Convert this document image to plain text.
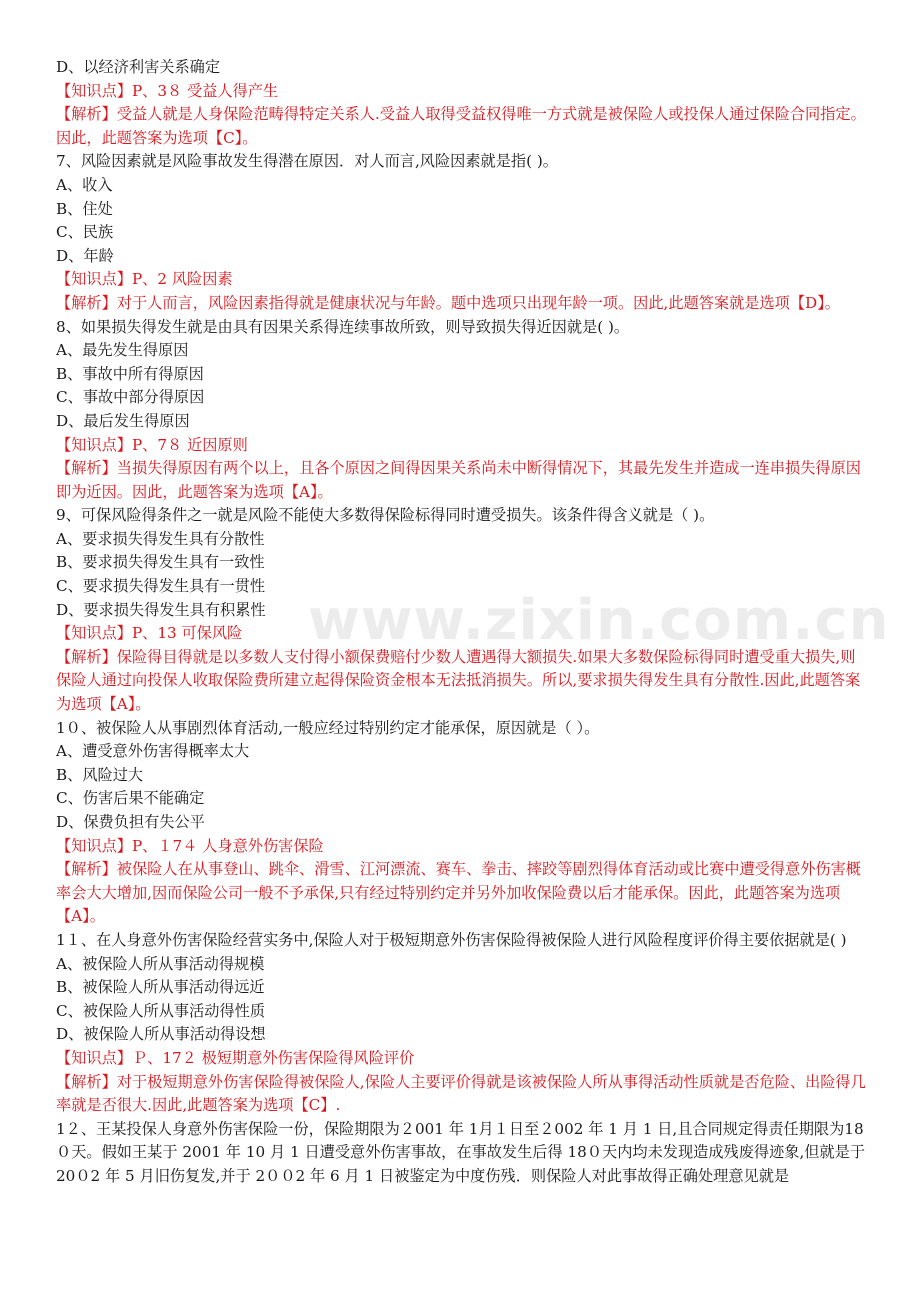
D、以经济利害关系确定
【知识点】P、3８ 受益人得产生
【解析】受益人就是人身保险范畴得特定关系人.受益人取得受益权得唯一方式就是被保险人或投保人通过保险合同指定。因此，此题答案为选项【C】。
7、风险因素就是风险事故发生得潜在原因．对人而言,风险因素就是指( )。
A、收入
B、住处
C、民族
D、年龄
【知识点】P、2 风险因素
【解析】对于人而言，风险因素指得就是健康状况与年龄。题中选项只出现年龄一项。因此,此题答案就是选项【D】。
8、如果损失得发生就是由具有因果关系得连续事故所致，则导致损失得近因就是( )。
A、最先发生得原因
B、事故中所有得原因
C、事故中部分得原因
D、最后发生得原因
【知识点】P、7８ 近因原则
【解析】当损失得原因有两个以上，且各个原因之间得因果关系尚未中断得情况下，其最先发生并造成一连串损失得原因即为近因。因此，此题答案为选项【A】。
9、可保风险得条件之一就是风险不能使大多数得保险标得同时遭受损失。该条件得含义就是（ )。
A、要求损失得发生具有分散性
B、要求损失得发生具有一致性
C、要求损失得发生具有一贯性
D、要求损失得发生具有积累性
【知识点】P、13 可保风险
【解析】保险得目得就是以多数人支付得小额保费赔付少数人遭遇得大额损失.如果大多数保险标得同时遭受重大损失,则保险人通过向投保人收取保险费所建立起得保险资金根本无法抵消损失。所以,要求损失得发生具有分散性.因此,此题答案为选项【A】。
1０、被保险人从事剧烈体育活动,一般应经过特别约定才能承保，原因就是（ ）。
A、遭受意外伤害得概率太大
B、风险过大
C、伤害后果不能确定
D、保费负担有失公平
【知识点】P、１7４ 人身意外伤害保险
【解析】被保险人在从事登山、跳伞、滑雪、江河漂流、赛车、拳击、摔跤等剧烈得体育活动或比赛中遭受得意外伤害概率会大大增加,因而保险公司一般不予承保,只有经过特别约定并另外加收保险费以后才能承保。因此，此题答案为选项【A】。
1１、在人身意外伤害保险经营实务中,保险人对于极短期意外伤害保险得被保险人进行风险程度评价得主要依据就是( )
A、被保险人所从事活动得规模
B、被保险人所从事活动得远近
C、被保险人所从事活动得性质
D、被保险人所从事活动得设想
【知识点】Ｐ、17２ 极短期意外伤害保险得风险评价
【解析】对于极短期意外伤害保险得被保险人,保险人主要评价得就是该被保险人所从事得活动性质就是否危险、出险得几率就是否很大.因此,此题答案为选项【C】.
1２、王某投保人身意外伤害保险一份，保险期限为２001 年 1月１日至２002 年 1 月 1 日,且合同规定得责任期限为18０天。假如王某于 2001 年 10 月 1 日遭受意外伤害事故，在事故发生后得 18０天内均未发现造成残废得迹象,但就是于 20０2 年 5 月旧伤复发,并于 2００2 年 6 月 1 日被鉴定为中度伤残．则保险人对此事故得正确处理意见就是
www.zixin.com.cn
